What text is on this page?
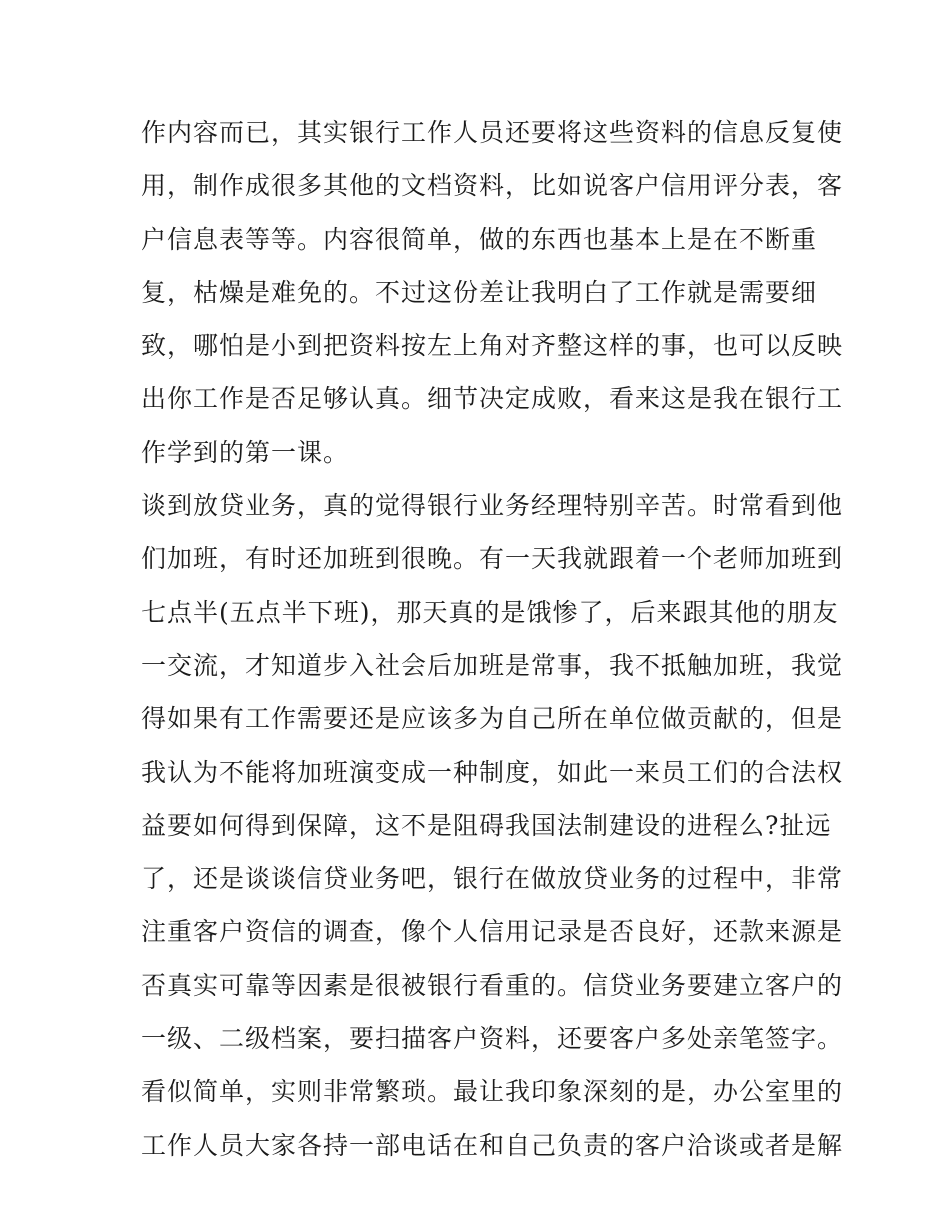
作内容而已，其实银行工作人员还要将这些资料的信息反复使
用，制作成很多其他的文档资料，比如说客户信用评分表，客
户信息表等等。内容很简单，做的东西也基本上是在不断重
复，枯燥是难免的。不过这份差让我明白了工作就是需要细
致，哪怕是小到把资料按左上角对齐整这样的事，也可以反映
出你工作是否足够认真。细节决定成败，看来这是我在银行工
作学到的第一课。
谈到放贷业务，真的觉得银行业务经理特别辛苦。时常看到他
们加班，有时还加班到很晚。有一天我就跟着一个老师加班到
七点半(五点半下班)，那天真的是饿惨了，后来跟其他的朋友
一交流，才知道步入社会后加班是常事，我不抵触加班，我觉
得如果有工作需要还是应该多为自己所在单位做贡献的，但是
我认为不能将加班演变成一种制度，如此一来员工们的合法权
益要如何得到保障，这不是阻碍我国法制建设的进程么?扯远
了，还是谈谈信贷业务吧，银行在做放贷业务的过程中，非常
注重客户资信的调查，像个人信用记录是否良好，还款来源是
否真实可靠等因素是很被银行看重的。信贷业务要建立客户的
一级、二级档案，要扫描客户资料，还要客户多处亲笔签字。
看似简单，实则非常繁琐。最让我印象深刻的是，办公室里的
工作人员大家各持一部电话在和自己负责的客户洽谈或者是解
